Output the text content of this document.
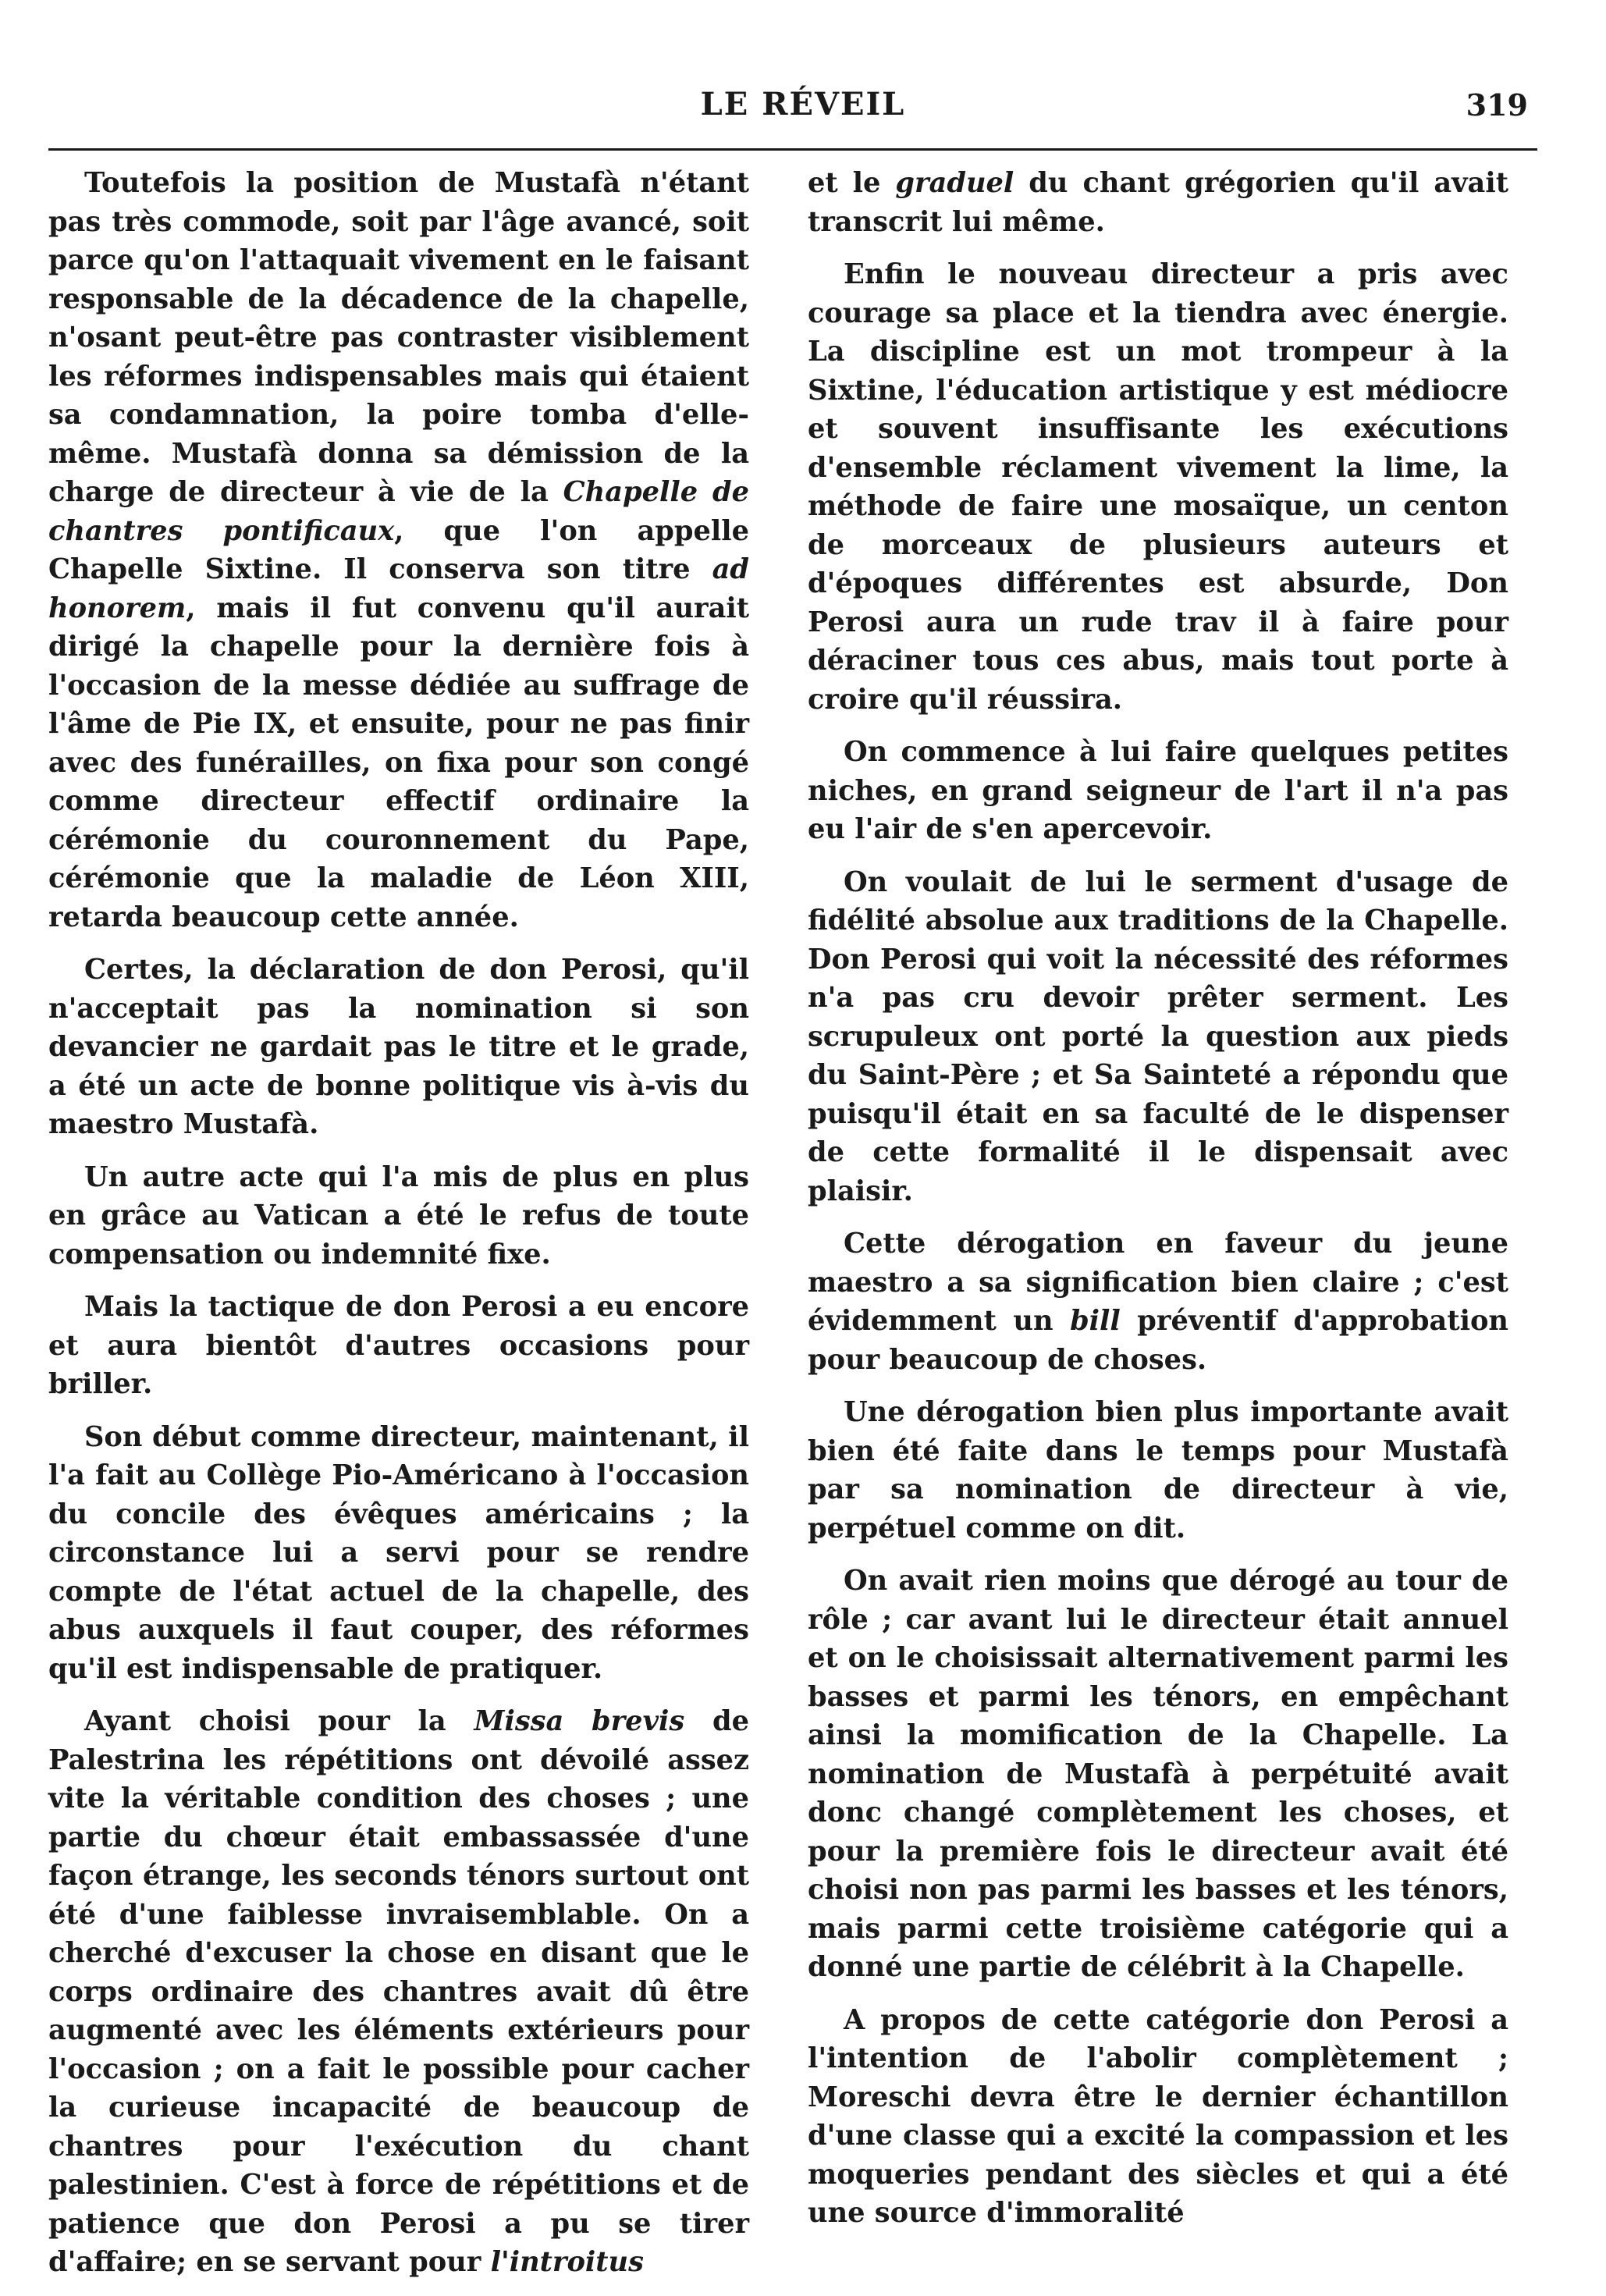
LE RÉVEIL	319

Toutefois la position de Mustafà n'étant pas très commode, soit par l'âge avancé, soit parce qu'on l'attaquait vivement en le faisant responsable de la décadence de la chapelle, n'osant peut-être pas contraster visiblement les réformes indispensables mais qui étaient sa condamnation, la poire tomba d'elle-même. Mustafà donna sa démission de la charge de directeur à vie de la Chapelle de chantres pontificaux, que l'on appelle Chapelle Sixtine. Il conserva son titre ad honorem, mais il fut convenu qu'il aurait dirigé la chapelle pour la dernière fois à l'occasion de la messe dédiée au suffrage de l'âme de Pie IX, et ensuite, pour ne pas finir avec des funérailles, on fixa pour son congé comme directeur effectif ordinaire la cérémonie du couronnement du Pape, cérémonie que la maladie de Léon XIII, retarda beaucoup cette année.

Certes, la déclaration de don Perosi, qu'il n'acceptait pas la nomination si son devancier ne gardait pas le titre et le grade, a été un acte de bonne politique vis à-vis du maestro Mustafà.

Un autre acte qui l'a mis de plus en plus en grâce au Vatican a été le refus de toute compensation ou indemnité fixe.

Mais la tactique de don Perosi a eu encore et aura bientôt d'autres occasions pour briller.

Son début comme directeur, maintenant, il l'a fait au Collège Pio-Américano à l'occasion du concile des évêques américains ; la circonstance lui a servi pour se rendre compte de l'état actuel de la chapelle, des abus auxquels il faut couper, des réformes qu'il est indispensable de pratiquer.

Ayant choisi pour la Missa brevis de Palestrina les répétitions ont dévoilé assez vite la véritable condition des choses ; une partie du chœur était embassassée d'une façon étrange, les seconds ténors surtout ont été d'une faiblesse invraisemblable. On a cherché d'excuser la chose en disant que le corps ordinaire des chantres avait dû être augmenté avec les éléments extérieurs pour l'occasion ; on a fait le possible pour cacher la curieuse incapacité de beaucoup de chantres pour l'exécution du chant palestinien. C'est à force de répétitions et de patience que don Perosi a pu se tirer d'affaire; en se servant pour l'introitus

et le graduel du chant grégorien qu'il avait transcrit lui même.

Enfin le nouveau directeur a pris avec courage sa place et la tiendra avec énergie. La discipline est un mot trompeur à la Sixtine, l'éducation artistique y est médiocre et souvent insuffisante les exécutions d'ensemble réclament vivement la lime, la méthode de faire une mosaïque, un centon de morceaux de plusieurs auteurs et d'époques différentes est absurde, Don Perosi aura un rude trav il à faire pour déraciner tous ces abus, mais tout porte à croire qu'il réussira.

On commence à lui faire quelques petites niches, en grand seigneur de l'art il n'a pas eu l'air de s'en apercevoir.

On voulait de lui le serment d'usage de fidélité absolue aux traditions de la Chapelle. Don Perosi qui voit la nécessité des réformes n'a pas cru devoir prêter serment. Les scrupuleux ont porté la question aux pieds du Saint-Père ; et Sa Sainteté a répondu que puisqu'il était en sa faculté de le dispenser de cette formalité il le dispensait avec plaisir.

Cette dérogation en faveur du jeune maestro a sa signification bien claire ; c'est évidemment un bill préventif d'approbation pour beaucoup de choses.

Une dérogation bien plus importante avait bien été faite dans le temps pour Mustafà par sa nomination de directeur à vie, perpétuel comme on dit.

On avait rien moins que dérogé au tour de rôle ; car avant lui le directeur était annuel et on le choisissait alternativement parmi les basses et parmi les ténors, en empêchant ainsi la momification de la Chapelle. La nomination de Mustafà à perpétuité avait donc changé complètement les choses, et pour la première fois le directeur avait été choisi non pas parmi les basses et les ténors, mais parmi cette troisième catégorie qui a donné une partie de célébrit à la Chapelle.

A propos de cette catégorie don Perosi a l'intention de l'abolir complètement ; Moreschi devra être le dernier échantillon d'une classe qui a excité la compassion et les moqueries pendant des siècles et qui a été une source d'immoralité
